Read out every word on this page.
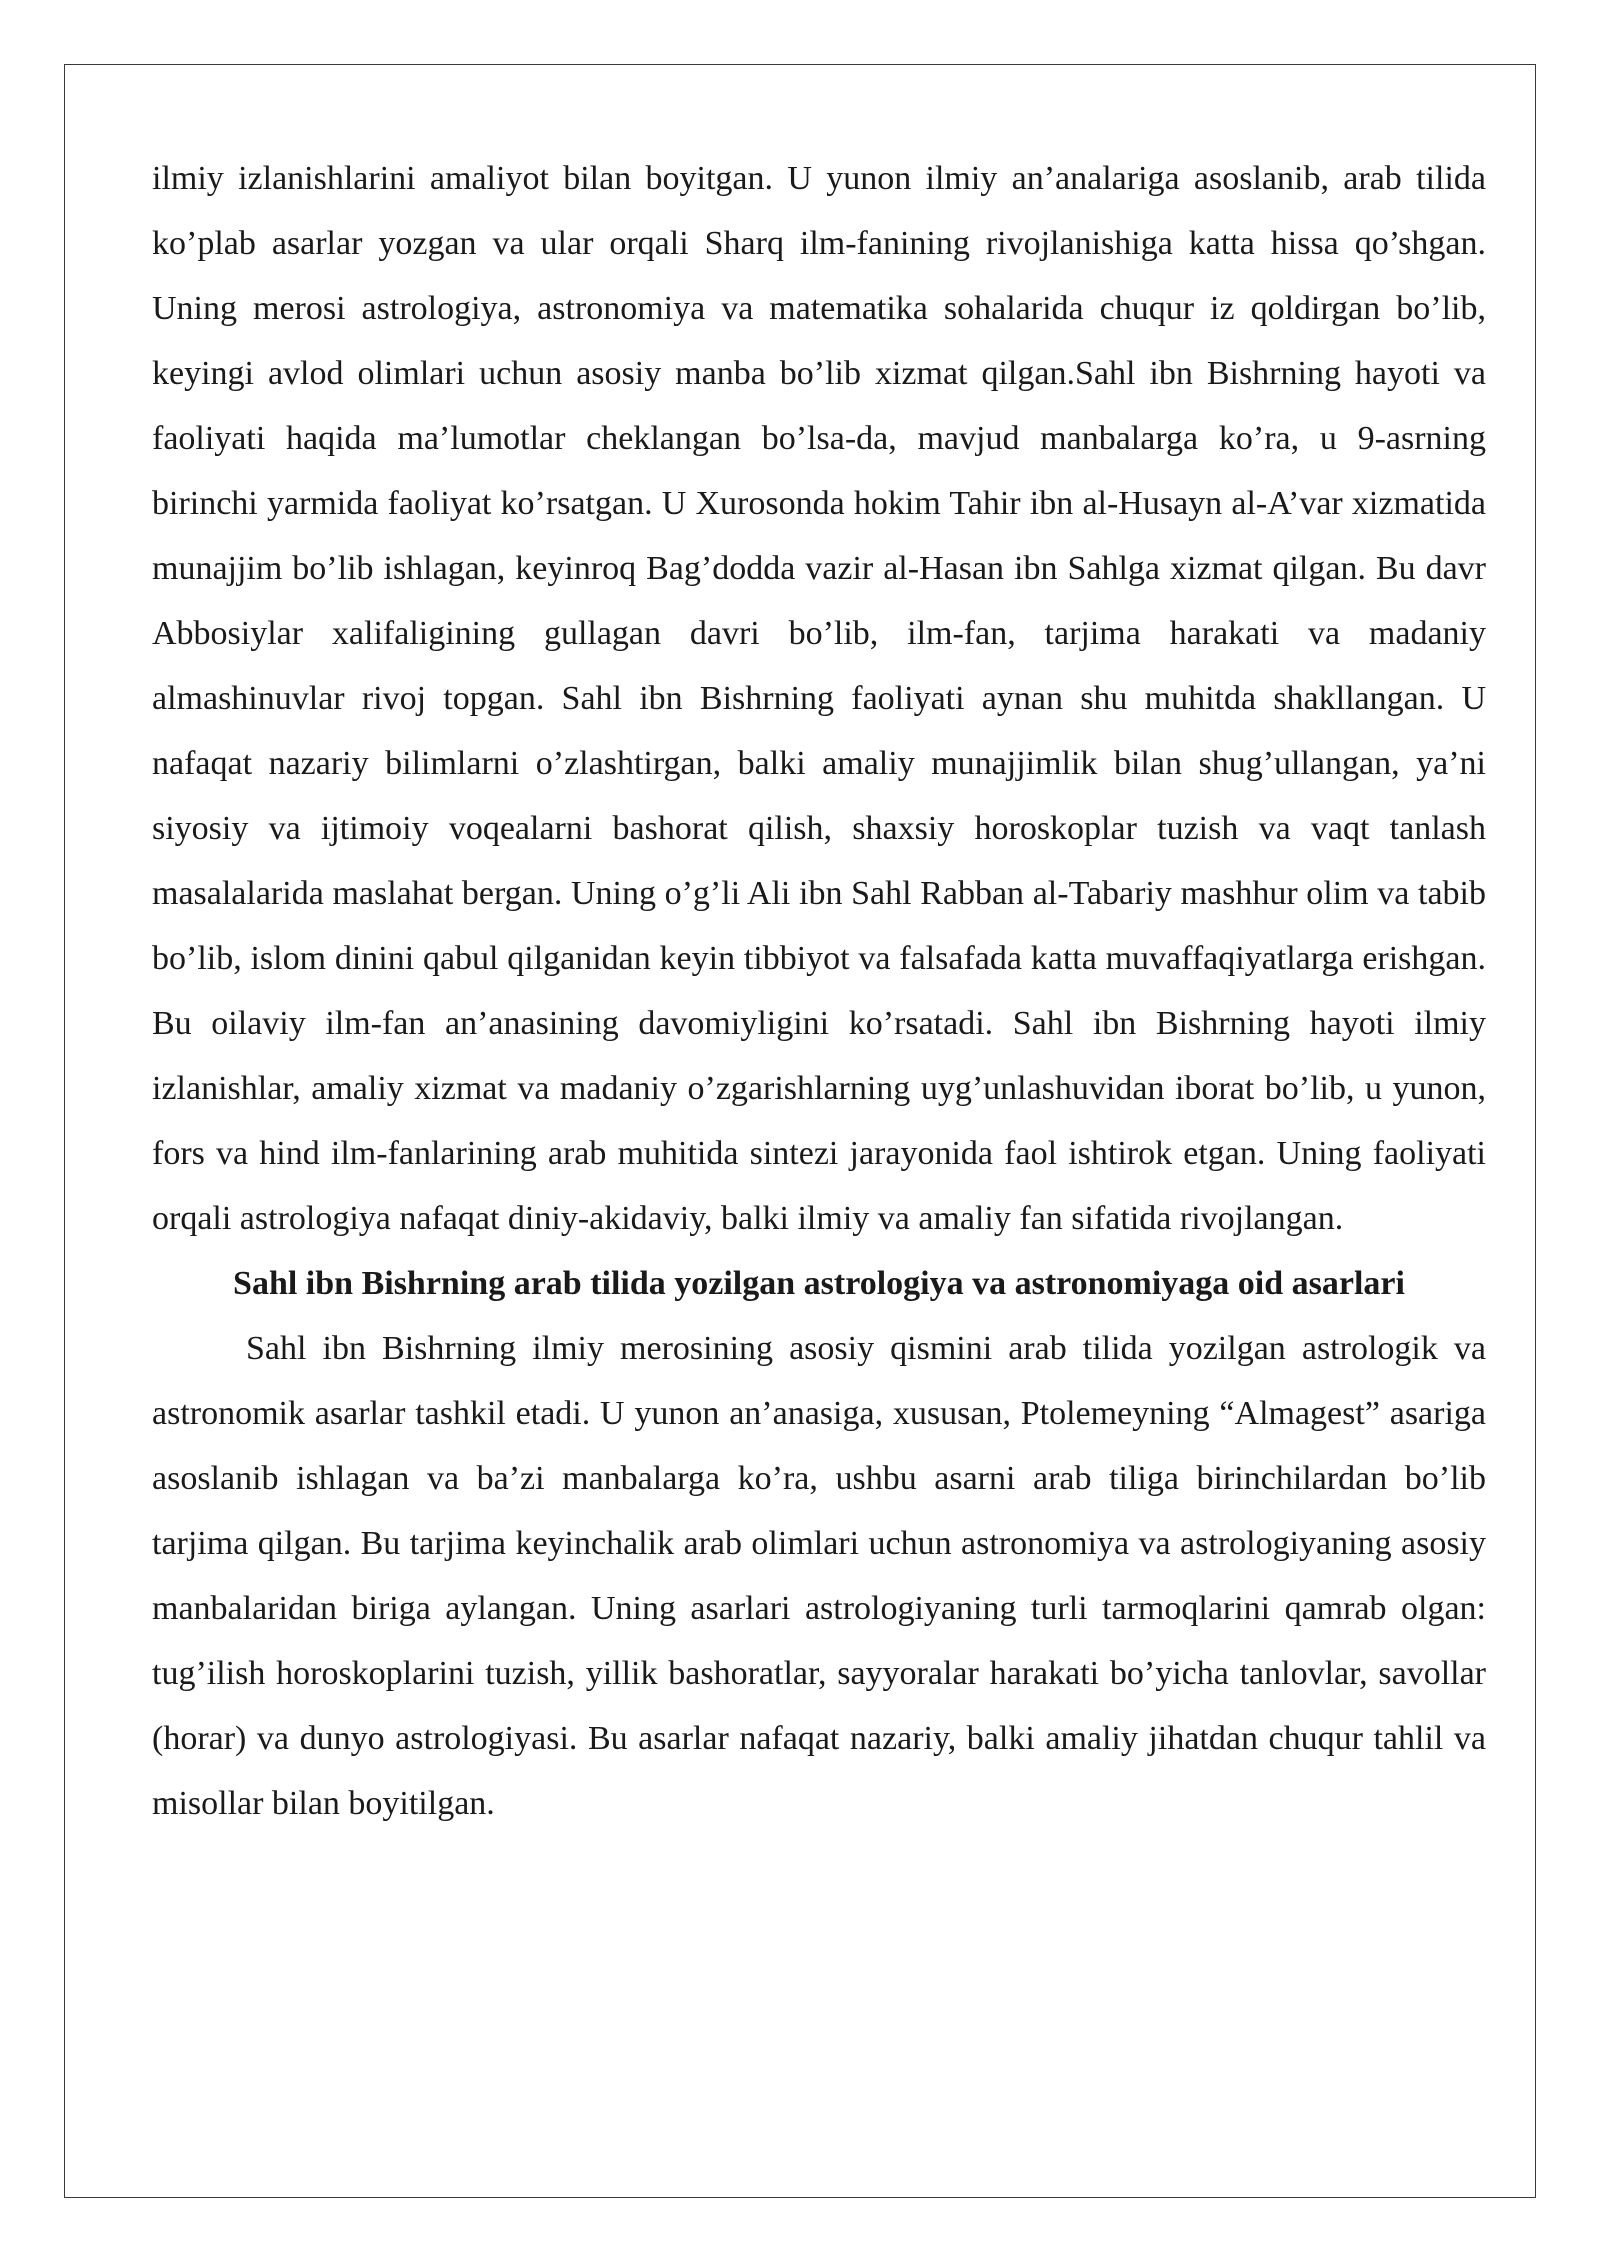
ilmiy izlanishlarini amaliyot bilan boyitgan. U yunon ilmiy an’analariga asoslanib, arab tilida ko’plab asarlar yozgan va ular orqali Sharq ilm-fanining rivojlanishiga katta hissa qo’shgan. Uning merosi astrologiya, astronomiya va matematika sohalarida chuqur iz qoldirgan bo’lib, keyingi avlod olimlari uchun asosiy manba bo’lib xizmat qilgan.Sahl ibn Bishrning hayoti va faoliyati haqida ma’lumotlar cheklangan bo’lsa-da, mavjud manbalarga ko’ra, u 9-asrning birinchi yarmida faoliyat ko’rsatgan. U Xurosonda hokim Tahir ibn al-Husayn al-A’var xizmatida munajjim bo’lib ishlagan, keyinroq Bag’dodda vazir al-Hasan ibn Sahlga xizmat qilgan. Bu davr Abbosiylar xalifaligining gullagan davri bo’lib, ilm-fan, tarjima harakati va madaniy almashinuvlar rivoj topgan. Sahl ibn Bishrning faoliyati aynan shu muhitda shakllangan. U nafaqat nazariy bilimlarni o’zlashtirgan, balki amaliy munajjimlik bilan shug’ullangan, ya’ni siyosiy va ijtimoiy voqealarni bashorat qilish, shaxsiy horoskoplar tuzish va vaqt tanlash masalalarida maslahat bergan. Uning o’g’li Ali ibn Sahl Rabban al-Tabariy mashhur olim va tabib bo’lib, islom dinini qabul qilganidan keyin tibbiyot va falsafada katta muvaffaqiyatlarga erishgan. Bu oilaviy ilm-fan an’anasining davomiyligini ko’rsatadi. Sahl ibn Bishrning hayoti ilmiy izlanishlar, amaliy xizmat va madaniy o’zgarishlarning uyg’unlashuvidan iborat bo’lib, u yunon, fors va hind ilm-fanlarining arab muhitida sintezi jarayonida faol ishtirok etgan. Uning faoliyati orqali astrologiya nafaqat diniy-akidaviy, balki ilmiy va amaliy fan sifatida rivojlangan.

Sahl ibn Bishrning arab tilida yozilgan astrologiya va astronomiyaga oid asarlari

Sahl ibn Bishrning ilmiy merosining asosiy qismini arab tilida yozilgan astrologik va astronomik asarlar tashkil etadi. U yunon an’anasiga, xususan, Ptolemeyning “Almagest” asariga asoslanib ishlagan va ba’zi manbalarga ko’ra, ushbu asarni arab tiliga birinchilardan bo’lib tarjima qilgan. Bu tarjima keyinchalik arab olimlari uchun astronomiya va astrologiyaning asosiy manbalaridan biriga aylangan. Uning asarlari astrologiyaning turli tarmoqlarini qamrab olgan: tug’ilish horoskoplarini tuzish, yillik bashoratlar, sayyoralar harakati bo’yicha tanlovlar, savollar (horar) va dunyo astrologiyasi. Bu asarlar nafaqat nazariy, balki amaliy jihatdan chuqur tahlil va misollar bilan boyitilgan.
